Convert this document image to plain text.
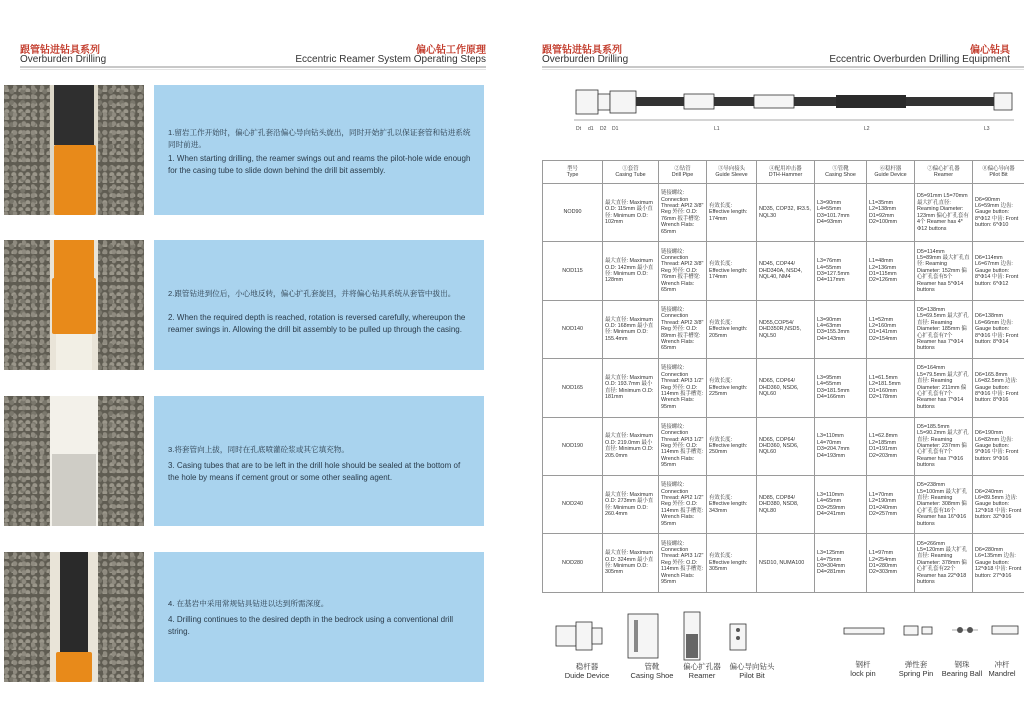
跟管钻进钻具系列
Overburden Drilling
偏心钻工作原理
Eccentric Reamer System Operating Steps

1.留岩工作开始时，偏心扩孔套沿偏心导向钻头旋出，同时开始扩孔以保证套管和钻进系统同时前进。

1. When starting drilling, the reamer swings out and reams the pilot-hole wide enough for the casing tube to slide down behind the drill bit assembly.

2.跟管钻进到位后，小心地反转，偏心扩孔套旋回，并将偏心钻具系统从套管中拔出。

2. When the required depth is reached, rotation is reversed carefully, whereupon the reamer swings in. Allowing the drill bit assembly to be pulled up through the casing.

3.将套管向上拔，同时在孔底喷灌砼浆或其它填充物。

3. Casing tubes that are to be left in the drill hole should be sealed at the bottom of the hole by means if cement grout or some other sealing agent.

4. 在基岩中采用常规钻具钻进以达到所需深度。

4. Drilling continues to the desired depth in the bedrock using a conventional drill string.

跟管钻进钻具系列
Overburden Drilling
偏心钻具
Eccentric Overburden Drilling Equipment
Dt d1 D2 D1	L1	L2	L3
型号
Type	①套管
Casing Tube	②钻管
Drill Pipe	③导向接头
Guide Sleeve	④配用冲击器
DTH-Hammer	⑤管靴
Casing Shoe	⑥稳杆器
Guide Device	⑦偏心扩孔器
Reamer	⑧偏心导向器
Pilot Bit
NOD90	最大直径: Maximum O.D: 115mm 最小直径: Minimum O.D: 102mm	链接螺纹: Connection Thread: API2 3/8" Reg 外径: O.D: 76mm 扳手槽宽: Wrench Flats: 65mm	有效长度: Effective length: 174mm	ND35, COP32, IR3.5, NQL30	L3=90mm L4=55mm D3=101.7mm D4=93mm	L1=35mm L2=138mm D1=92mm D2=100mm	D5=91mm L5=70mm 最大扩孔直径: Reaming Diameter: 123mm 偏心扩孔套有4个 Reamer has 4* Φ12 buttons	D6=90mm L6=59mm 边齿: Gauge button: 8*Φ12 中齿: Front button: 6*Φ10
NOD115	最大直径: Maximum O.D: 142mm 最小直径: Minimum O.D: 128mm	链接螺纹: Connection Thread: API2 3/8" Reg 外径: O.D: 76mm 扳手槽宽: Wrench Flats: 65mm	有效长度: Effective length: 174mm	ND45, COP44/ DHD340A, NSD4, NQL40, NM4	L3=76mm L4=55mm D3=127.5mm D4=117mm	L1=48mm L2=136mm D1=115mm D2=126mm	D5=114mm L5=89mm 最大扩孔直径: Reaming Diameter: 152mm 偏心扩孔套有5个 Reamer has 5*Φ14 buttons	D6=114mm L6=67mm 边齿: Gauge button: 8*Φ14 中齿: Front button: 6*Φ12
NOD140	最大直径: Maximum O.D: 168mm 最小直径: Minimum O.D: 155.4mm	链接螺纹: Connection Thread: API2 3/8" Reg 外径: O.D: 89mm 扳手槽宽: Wrench Flats: 65mm	有效长度: Effective length: 205mm	ND55,COP54/ DHD350R,NSD5, NQL50	L3=90mm L4=63mm D3=155.3mm D4=143mm	L1=52mm L2=160mm D1=141mm D2=154mm	D5=138mm L5=69.5mm 最大扩孔直径: Reaming Diameter: 185mm 偏心扩孔套有7个 Reamer has 7*Φ14 buttons	D6=138mm L6=66mm 边齿: Gauge button: 8*Φ16 中齿: Front button: 8*Φ14
NOD165	最大直径: Maximum O.D: 193.7mm 最小直径: Minimum O.D: 181mm	链接螺纹: Connection Thread: API3 1/2" Reg 外径: O.D: 114mm 扳手槽宽: Wrench Flats: 95mm	有效长度: Effective length: 225mm	ND65, COP64/ DHD360, NSD6, NQL60	L3=95mm L4=55mm D3=181.5mm D4=166mm	L1=61.5mm L2=181.5mm D1=160mm D2=178mm	D5=164mm L5=79.5mm 最大扩孔直径: Reaming Diameter: 211mm 偏心扩孔套有7个 Reamer has 7*Φ14 buttons	D6=165.8mm L6=82.5mm 边齿: Gauge button: 8*Φ16 中齿: Front button: 8*Φ16
NOD190	最大直径: Maximum O.D: 219.0mm 最小直径: Minimum O.D: 205.0mm	链接螺纹: Connection Thread: API3 1/2" Reg 外径: O.D: 114mm 扳手槽宽: Wrench Flats: 95mm	有效长度: Effective length: 250mm	ND65, COP64/ DHD360, NSD6, NQL60	L3=110mm L4=70mm D3=204.7mm D4=193mm	L1=62.8mm L2=185mm D1=191mm D2=203mm	D5=185.5mm L5=90.2mm 最大扩孔直径: Reaming Diameter: 237mm 偏心扩孔套有7个 Reamer has 7*Φ16 buttons	D6=190mm L6=82mm 边齿: Gauge button: 9*Φ16 中齿: Front button: 9*Φ16
NOD240	最大直径: Maximum O.D: 273mm 最小直径: Minimum O.D: 260.4mm	链接螺纹: Connection Thread: API2 1/2" Reg 外径: O.D: 114mm 扳手槽宽: Wrench Flats: 95mm	有效长度: Effective length: 343mm	ND85, COP84/ DHD380, NSD8, NQL80	L3=110mm L4=65mm D3=259mm D4=241mm	L1=70mm L2=190mm D1=240mm D2=257mm	D5=238mm L5=100mm 最大扩孔直径: Reaming Diameter: 308mm 偏心扩孔套有16个 Reamer has 16*Φ16 buttons	D6=240mm L6=89.5mm 边齿: Gauge button: 12*Φ18 中齿: Front button: 32*Φ16
NOD280	最大直径: Maximum O.D: 324mm 最小直径: Minimum O.D: 305mm	链接螺纹: Connection Thread: API3 1/2" Reg 外径: O.D: 114mm 扳手槽宽: Wrench Flats: 95mm	有效长度: Effective length: 305mm	NSD10, NUMA100	L3=125mm L4=75mm D3=304mm D4=281mm	L1=97mm L2=254mm D1=280mm D2=303mm	D5=266mm L5=120mm 最大扩孔直径: Reaming Diameter: 378mm 偏心扩孔套有22个 Reamer has 22*Φ18 buttons	D6=280mm L6=135mm 边齿: Gauge button: 12*Φ18 中齿: Front button: 27*Φ16
稳杆器
Duide Device
管靴
Casing Shoe
偏心扩孔器
Reamer
偏心导向钻头
Pilot Bit
钢杆
lock pin
弹性套
Spring Pin
钢珠
Bearing Ball
冲杆
Mandrel
